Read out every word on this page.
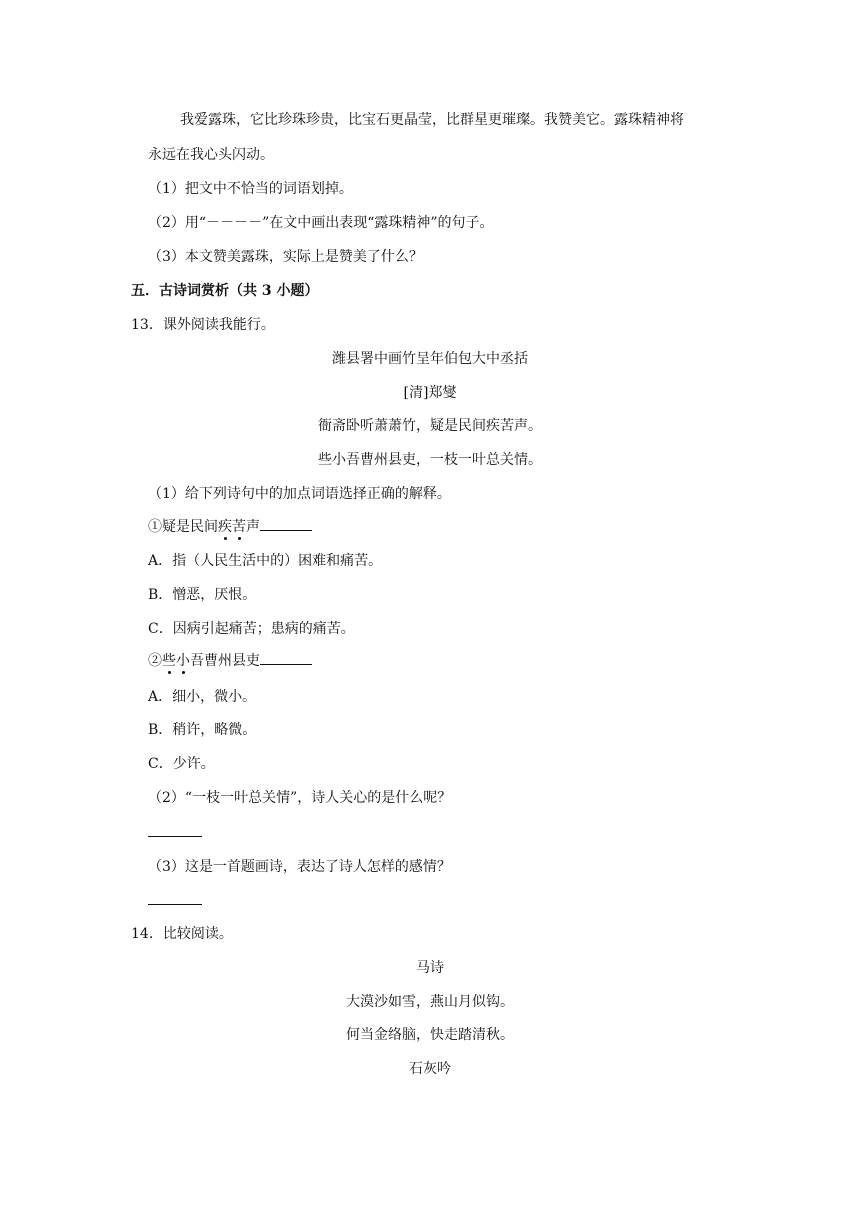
我爱露珠，它比珍珠珍贵，比宝石更晶莹，比群星更璀璨。我赞美它。露珠精神将
永远在我心头闪动。
（1）把文中不恰当的词语划掉。
（2）用“－－－－”在文中画出表现“露珠精神”的句子。
（3）本文赞美露珠，实际上是赞美了什么？
五．古诗词赏析（共 3 小题）
13．课外阅读我能行。
潍县署中画竹呈年伯包大中丞括
[清]郑燮
衙斋卧听萧萧竹，疑是民间疾苦声。
些小吾曹州县吏，一枝一叶总关情。
（1）给下列诗句中的加点词语选择正确的解释。
①疑是民间疾苦声
A．指（人民生活中的）困难和痛苦。
B．憎恶，厌恨。
C．因病引起痛苦；患病的痛苦。
②些小吾曹州县吏
A．细小，微小。
B．稍许，略微。
C．少许。
（2）“一枝一叶总关情”，诗人关心的是什么呢？
（3）这是一首题画诗，表达了诗人怎样的感情？
14．比较阅读。
马诗
大漠沙如雪，燕山月似钩。
何当金络脑，快走踏清秋。
石灰吟
